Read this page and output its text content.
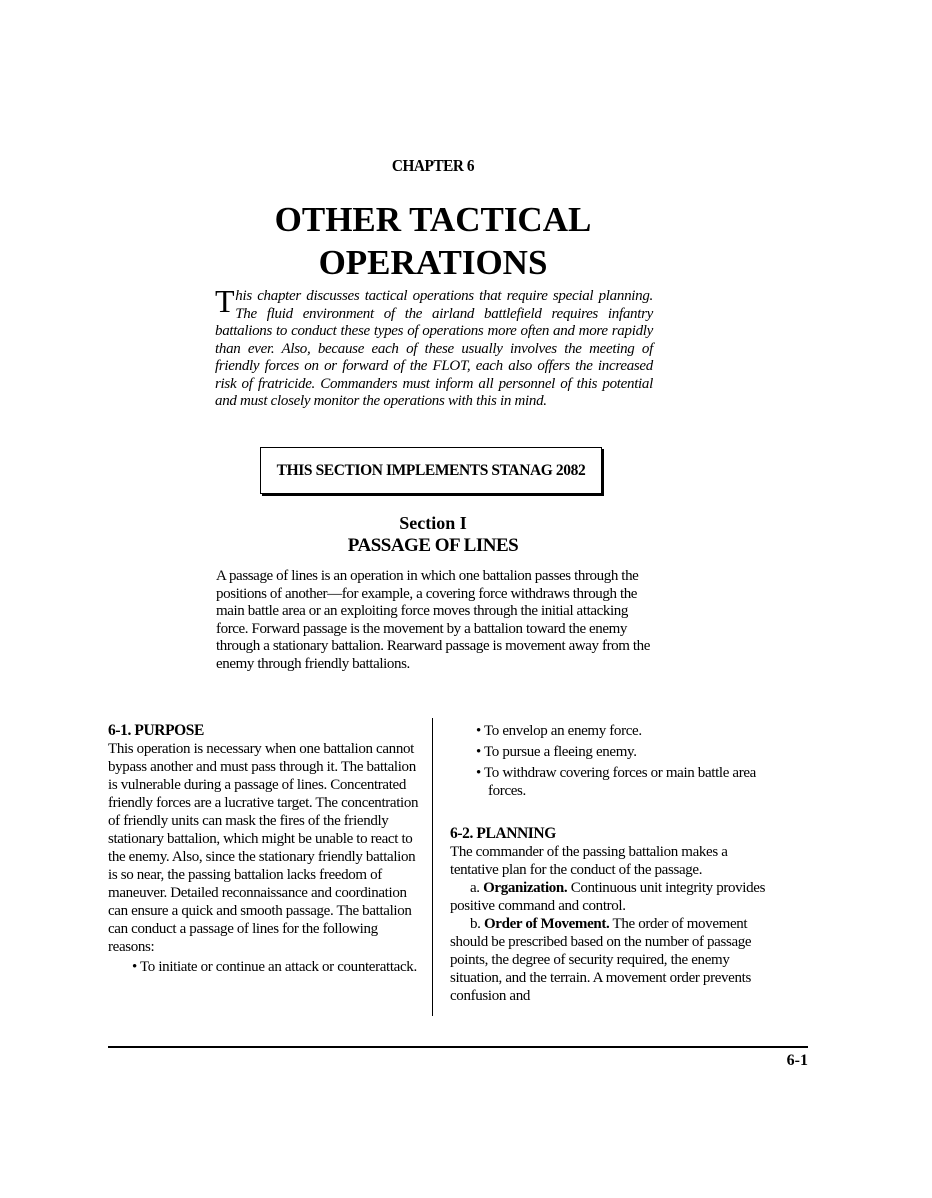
CHAPTER 6
OTHER TACTICAL
OPERATIONS
This chapter discusses tactical operations that require special planning. The fluid environment of the airland battlefield requires infantry battalions to conduct these types of operations more often and more rapidly than ever. Also, because each of these usually involves the meeting of friendly forces on or forward of the FLOT, each also offers the increased risk of fratricide. Commanders must inform all personnel of this potential and must closely monitor the operations with this in mind.
THIS SECTION IMPLEMENTS STANAG 2082
Section I
PASSAGE OF LINES
A passage of lines is an operation in which one battalion passes through the positions of another—for example, a covering force withdraws through the main battle area or an exploiting force moves through the initial attacking force. Forward passage is the movement by a battalion toward the enemy through a stationary battalion. Rearward passage is movement away from the enemy through friendly battalions.
6-1. PURPOSE

This operation is necessary when one battalion cannot bypass another and must pass through it. The battalion is vulnerable during a passage of lines. Concentrated friendly forces are a lucrative target. The concentration of friendly units can mask the fires of the friendly stationary battalion, which might be unable to react to the enemy. Also, since the stationary friendly battalion is so near, the passing battalion lacks freedom of maneuver. Detailed reconnaissance and coordination can ensure a quick and smooth passage. The battalion can conduct a passage of lines for the following reasons:

• To initiate or continue an attack or counterattack.
• To envelop an enemy force.
• To pursue a fleeing enemy.
• To withdraw covering forces or main battle area forces.
6-2. PLANNING

The commander of the passing battalion makes a tentative plan for the conduct of the passage.

a. Organization. Continuous unit integrity provides positive command and control.

b. Order of Movement. The order of movement should be prescribed based on the number of passage points, the degree of security required, the enemy situation, and the terrain. A movement order prevents confusion and

6-1
